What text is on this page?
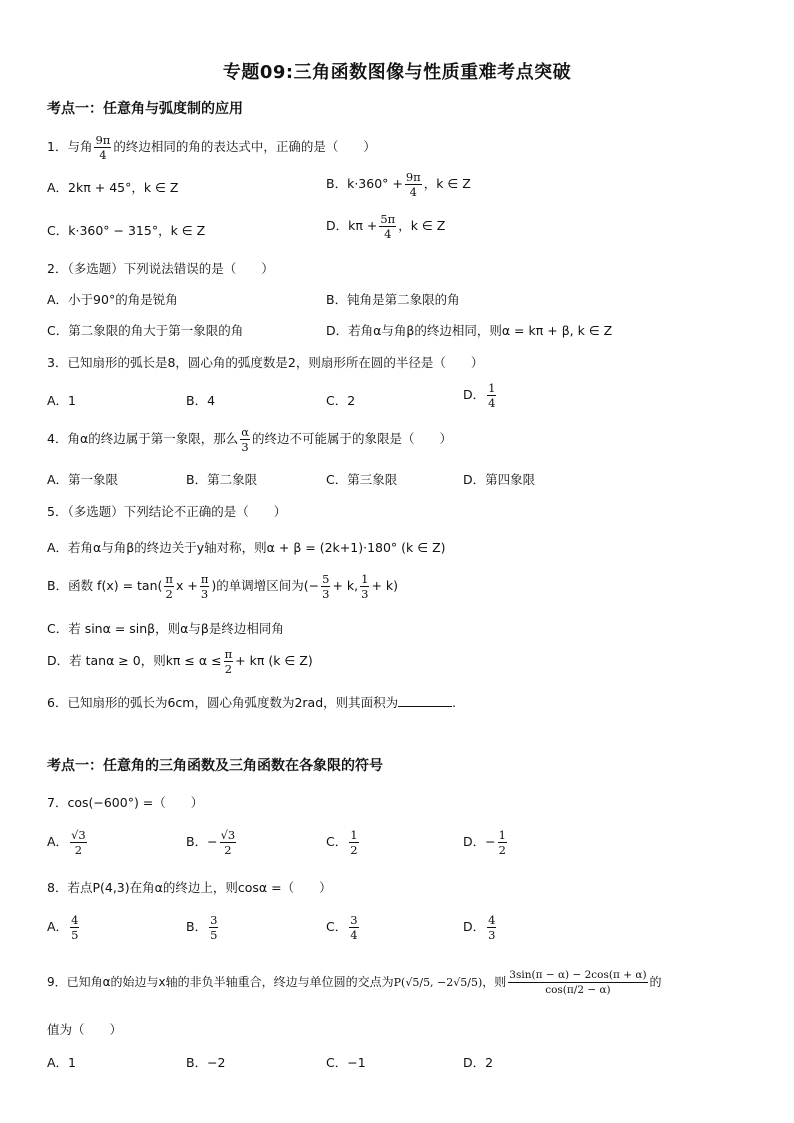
专题09:三角函数图像与性质重难考点突破
考点一：任意角与弧度制的应用
1．与角 $\frac{9\pi}{4}$ 的终边相同的角的表达式中，正确的是（　　）
A．2kπ + 45°，k ∈ Z	B．$k\cdot 360^\circ + \frac{9\pi}{4}$ ，k ∈ Z
C．k·360° − 315°，k ∈ Z	D．$k\pi + \frac{5\pi}{4}$ ，k ∈ Z
2．（多选题）下列说法错误的是（　　）
A．小于90°的角是锐角	B．钝角是第二象限的角
C．第二象限的角大于第一象限的角	D．若角α与角β的终边相同，则α = kπ + β, k ∈ Z
3．已知扇形的弧长是8，圆心角的弧度数是2，则扇形所在圆的半径是（　　）
A．1	B．4	C．2	D． $\frac{1}{4}$
4．角α的终边属于第一象限，那么 $\frac{\alpha}{3}$ 的终边不可能属于的象限是（　　）
A．第一象限	B．第二象限	C．第三象限	D．第四象限
5．（多选题）下列结论不正确的是（　　）
A．若角α与角β的终边关于y轴对称，则α + β = (2k+1)·180° (k ∈ Z)
B．函数 $f(x) = \tan( \frac{\pi}{2}$ $x + \frac{\pi}{3}$ )的单调增区间为(− $\frac{5}{3} + k$, $\frac{1}{3} + k$)
C．若 sinα = sinβ，则α与β是终边相同角
D．若 tanα ≥ 0，则$k\pi \le \alpha \le \frac{\pi}{2} + k\pi$ (k ∈ Z)
6．已知扇形的弧长为6cm，圆心角弧度数为2rad，则其面积为	.
考点一：任意角的三角函数及三角函数在各象限的符号
7．cos(−600°) =（　　）
A． $\frac{√3}{2}$	B．− $\frac{√3}{2}$	C． $\frac{1}{2}$	D．− $\frac{1}{2}$
8．若点P(4,3)在角α的终边上，则cosα =（　　）
A． $\frac{4}{5}$	B． $\frac{3}{5}$	C． $\frac{3}{4}$	D． $\frac{4}{3}$
9．已知角α的始边与x轴的非负半轴重合，终边与单位圆的交点为P(√5/5, −2√5/5)，则 $\frac{3\sin(\pi - \alpha) - 2\cos(\pi + \alpha)}{\cos(\pi/2 - \alpha)}$ 的
值为（　　）
A．1	B．−2	C．−1	D．2
